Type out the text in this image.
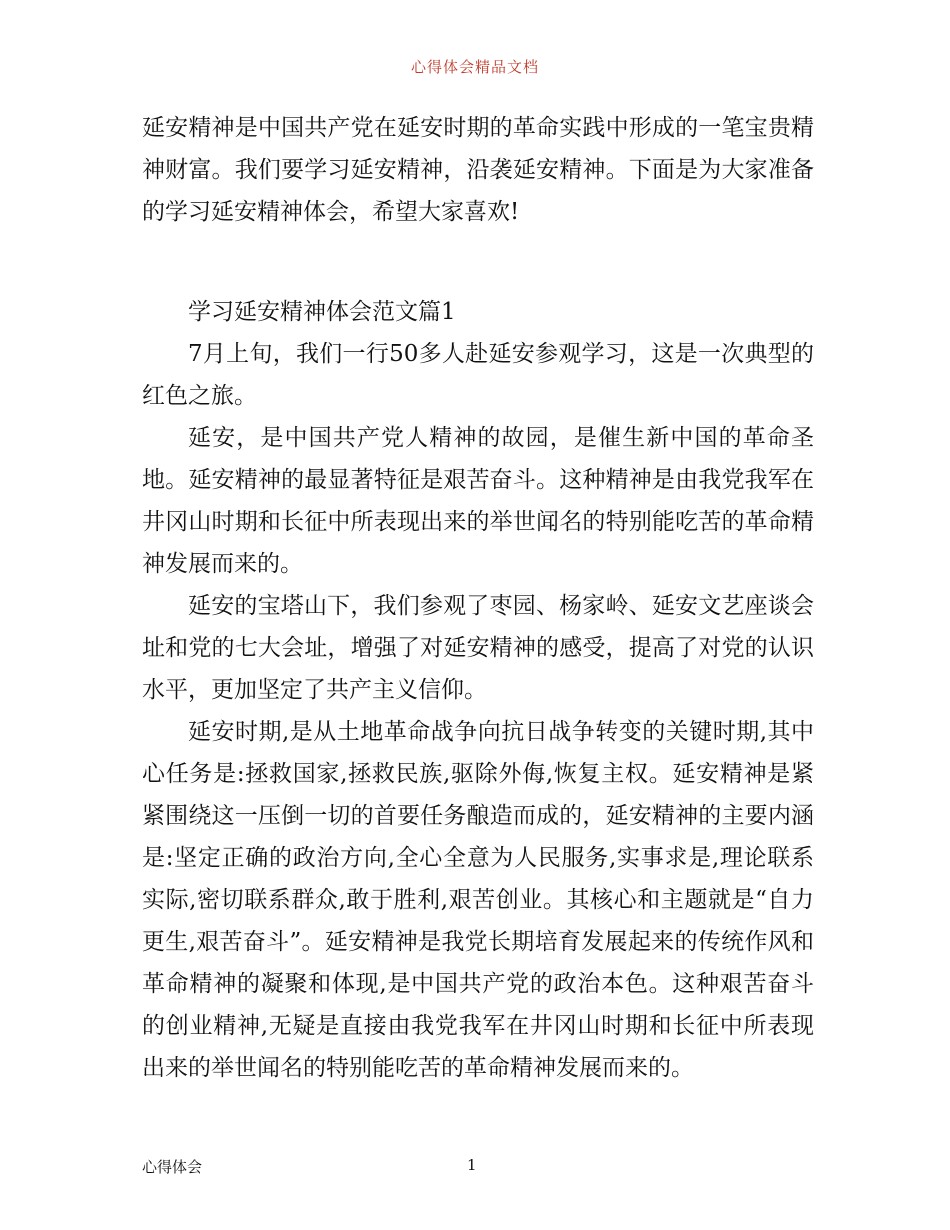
心得体会精品文档

延安精神是中国共产党在延安时期的革命实践中形成的一笔宝贵精神财富。我们要学习延安精神，沿袭延安精神。下面是为大家准备的学习延安精神体会，希望大家喜欢!

学习延安精神体会范文篇1

7月上旬，我们一行50多人赴延安参观学习，这是一次典型的红色之旅。

延安，是中国共产党人精神的故园，是催生新中国的革命圣地。延安精神的最显著特征是艰苦奋斗。这种精神是由我党我军在井冈山时期和长征中所表现出来的举世闻名的特别能吃苦的革命精神发展而来的。

延安的宝塔山下，我们参观了枣园、杨家岭、延安文艺座谈会址和党的七大会址，增强了对延安精神的感受，提高了对党的认识水平，更加坚定了共产主义信仰。

延安时期,是从土地革命战争向抗日战争转变的关键时期,其中心任务是:拯救国家,拯救民族,驱除外侮,恢复主权。延安精神是紧紧围绕这一压倒一切的首要任务酿造而成的，延安精神的主要内涵是:坚定正确的政治方向,全心全意为人民服务,实事求是,理论联系实际,密切联系群众,敢于胜利,艰苦创业。其核心和主题就是“自力更生,艰苦奋斗”。延安精神是我党长期培育发展起来的传统作风和革命精神的凝聚和体现,是中国共产党的政治本色。这种艰苦奋斗的创业精神,无疑是直接由我党我军在井冈山时期和长征中所表现出来的举世闻名的特别能吃苦的革命精神发展而来的。

心得体会	1
